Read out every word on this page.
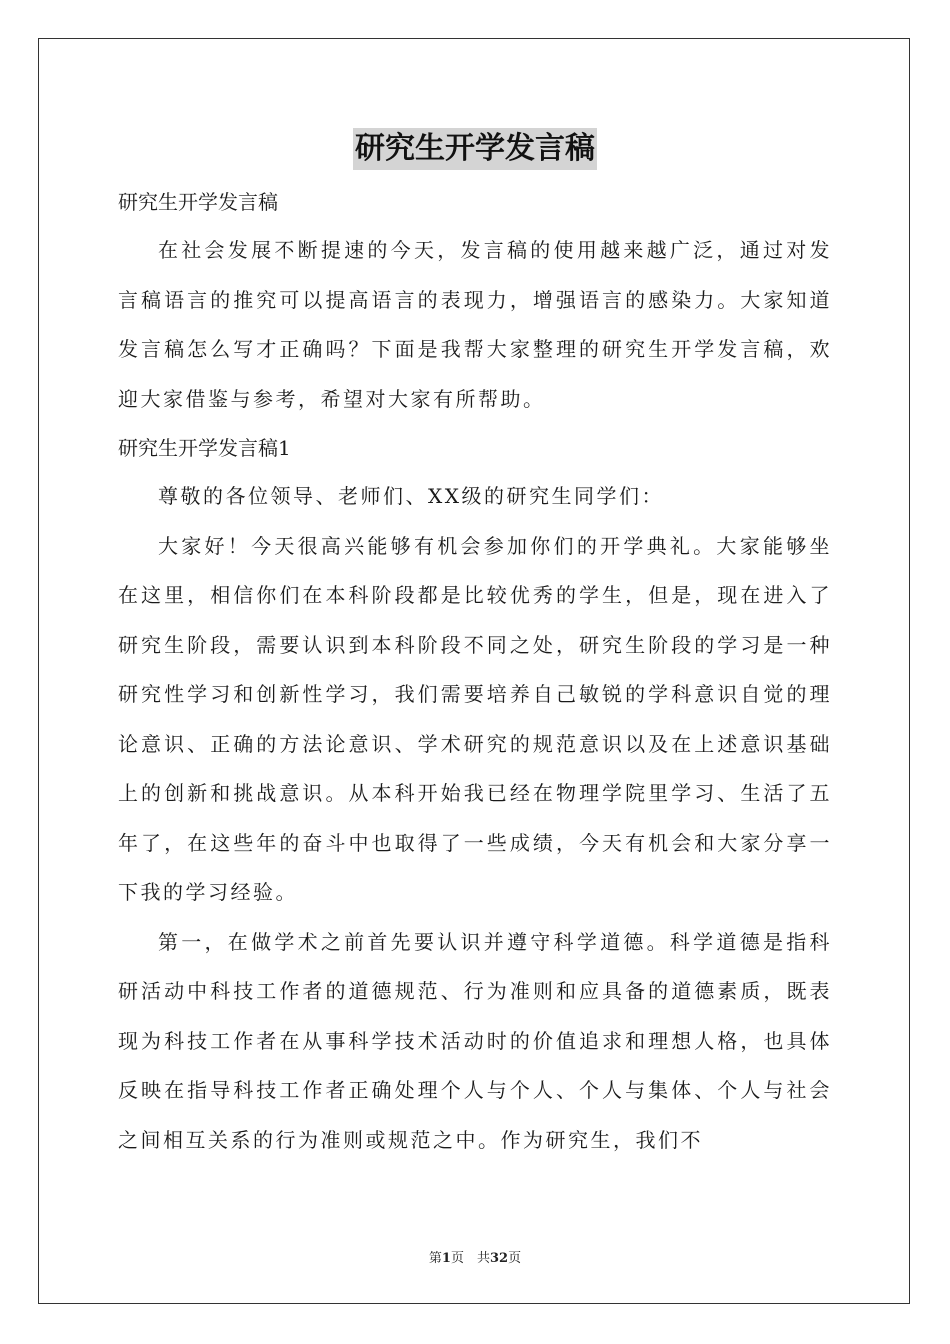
研究生开学发言稿

研究生开学发言稿

在社会发展不断提速的今天，发言稿的使用越来越广泛，通过对发言稿语言的推究可以提高语言的表现力，增强语言的感染力。大家知道发言稿怎么写才正确吗？下面是我帮大家整理的研究生开学发言稿，欢迎大家借鉴与参考，希望对大家有所帮助。

研究生开学发言稿1

尊敬的各位领导、老师们、XX级的研究生同学们：

大家好！今天很高兴能够有机会参加你们的开学典礼。大家能够坐在这里，相信你们在本科阶段都是比较优秀的学生，但是，现在进入了研究生阶段，需要认识到本科阶段不同之处，研究生阶段的学习是一种研究性学习和创新性学习，我们需要培养自己敏锐的学科意识自觉的理论意识、正确的方法论意识、学术研究的规范意识以及在上述意识基础上的创新和挑战意识。从本科开始我已经在物理学院里学习、生活了五年了，在这些年的奋斗中也取得了一些成绩，今天有机会和大家分享一下我的学习经验。

第一，在做学术之前首先要认识并遵守科学道德。科学道德是指科研活动中科技工作者的道德规范、行为准则和应具备的道德素质，既表现为科技工作者在从事科学技术活动时的价值追求和理想人格，也具体反映在指导科技工作者正确处理个人与个人、个人与集体、个人与社会之间相互关系的行为准则或规范之中。作为研究生，我们不

第1页　共32页
